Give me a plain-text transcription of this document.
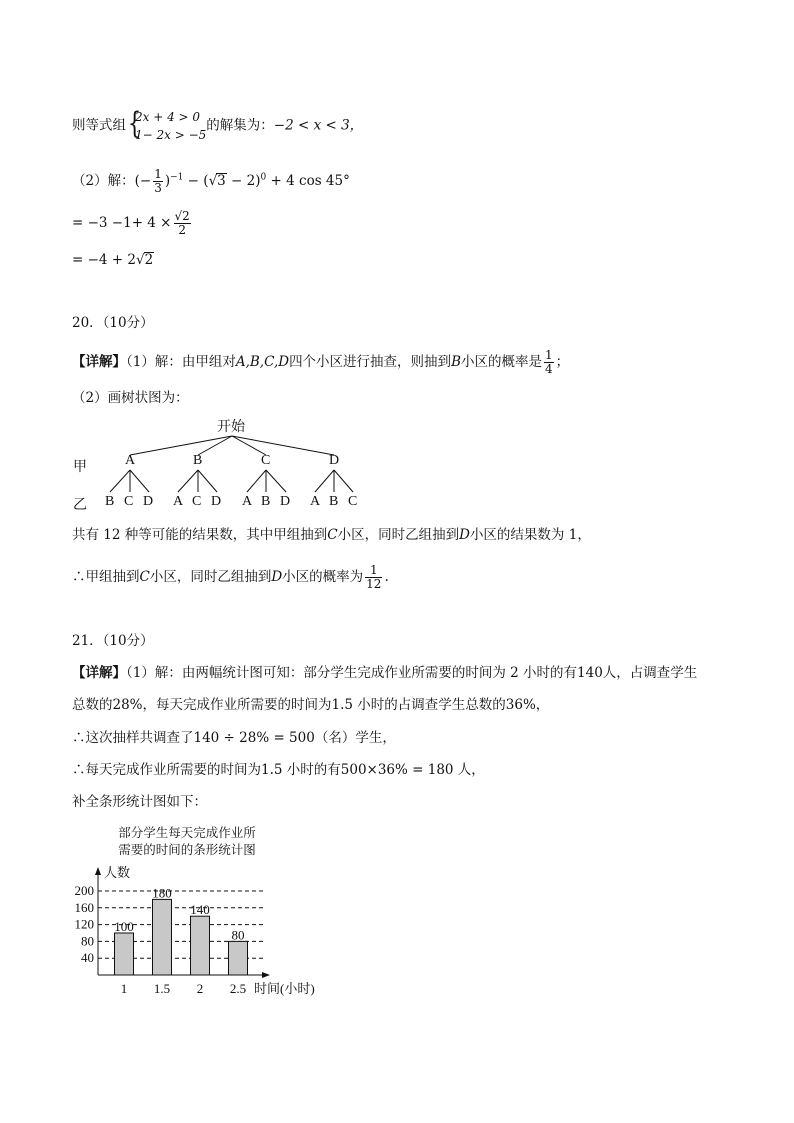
则等式组 {
2x + 4 > 0
1− 2x > −5
的解集为：−2 < x < 3，
（2）解：(− $\frac{1}{3} )^{-1} - (√3 - 2)^0 + 4$ cos 45°
= $-3 -1+ 4 \times \frac{√2}{2}$
= −4 + 2√2
20．（10分）
【详解】（1）解：由甲组对A,B,C,D四个小区进行抽查，则抽到B小区的概率是 $\frac{1}{4}$ ；
（2）画树状图为：
开始
甲
乙
A	B	C	D
B C D A C D A B D A B C
共有 12 种等可能的结果数，其中甲组抽到C小区，同时乙组抽到D小区的结果数为 1，
∴甲组抽到C小区，同时乙组抽到D小区的概率为 $\frac{1}{12}$ .
21．（10分）
【详解】（1）解：由两幅统计图可知：部分学生完成作业所需要的时间为 2 小时的有140人，占调查学生
总数的28%，每天完成作业所需要的时间为1.5 小时的占调查学生总数的36%，
∴这次抽样共调查了140 ÷ 28% = 500（名）学生，
∴每天完成作业所需要的时间为1.5 小时的有500×36% = 180 人，
补全条形统计图如下：
部分学生每天完成作业所
需要的时间的条形统计图
40
80
120
160
200
人数
时间(小时)
100
1
180
1.5
140
2
80
2.5
